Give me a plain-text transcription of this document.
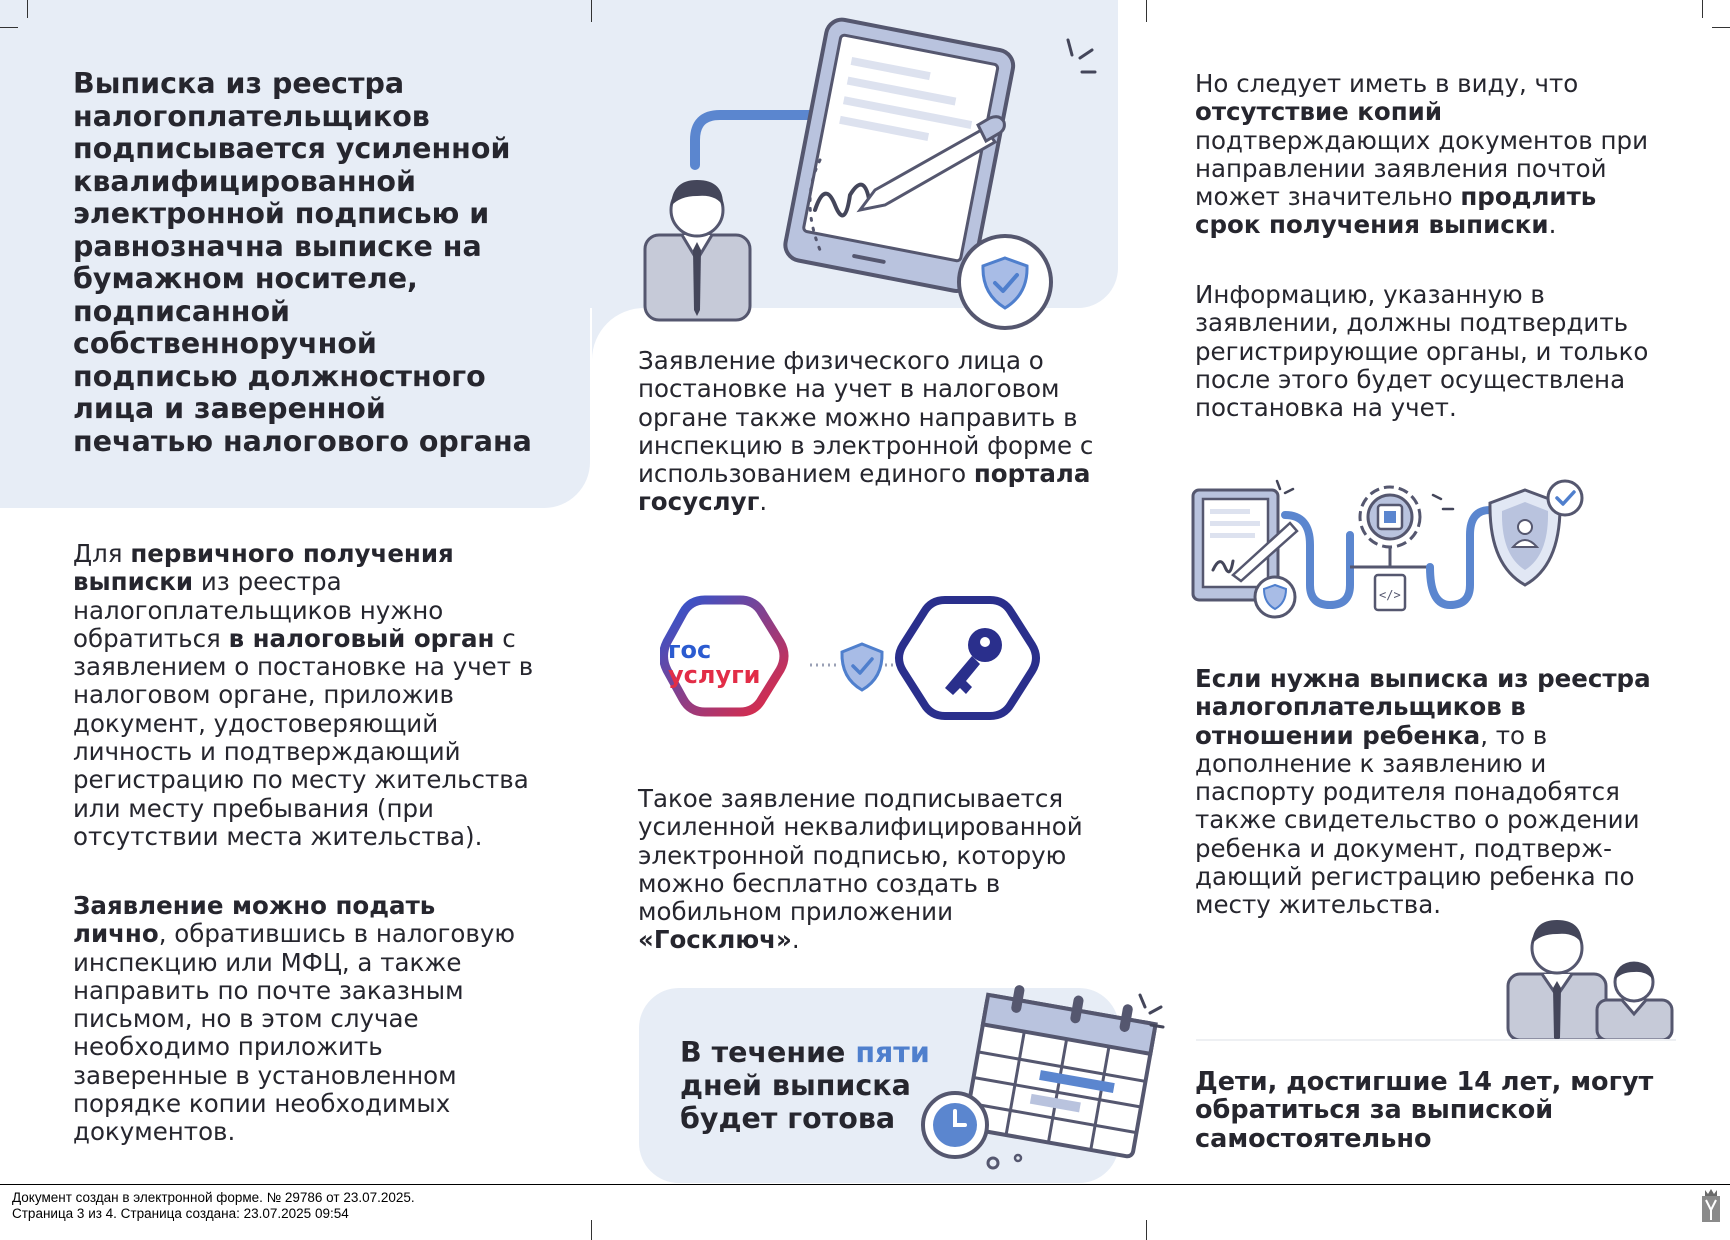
Выписка из реестра налогоплательщиков подписывается усиленной квалифицированной электронной подписью и равнозначна выписке на бумажном носителе, подписанной собственноручной подписью должностного лица и заверенной печатью налогового органа

Для первичного получения выписки из реестра налогоплательщиков нужно обратиться в налоговый орган с заявлением о постановке на учет в налоговом органе, приложив документ, удостоверяющий личность и подтверждающий регистрацию по месту жительства или месту пребывания (при отсутствии места жительства).

Заявление можно подать лично, обратившись в налоговую инспекцию или МФЦ, а также направить по почте заказным письмом, но в этом случае необходимо приложить заверенные в установленном порядке копии необходимых документов.

Заявление физического лица о постановке на учет в налоговом органе также можно направить в инспекцию в электронной форме с использованием единого портала госуслуг.

гос
услуги

Такое заявление подписывается усиленной неквалифицированной электронной подписью, которую можно бесплатно создать в мобильном приложении «Госключ».

В течение пяти дней выписка будет готова

Но следует иметь в виду, что отсутствие копий подтверждающих документов при направлении заявления почтой может значительно продлить срок получения выписки.

Информацию, указанную в заявлении, должны подтвердить регистрирующие органы, и только после этого будет осуществлена постановка на учет.

</>

Если нужна выписка из реестра налогоплательщиков в отношении ребенка, то в дополнение к заявлению и паспорту родителя понадобятся также свидетельство о рождении ребенка и документ, подтверж-дающий регистрацию ребенка по месту жительства.

Дети, достигшие 14 лет, могут обратиться за выпиской самостоятельно

Документ создан в электронной форме. № 29786 от 23.07.2025.
Страница 3 из 4. Страница создана: 23.07.2025 09:54
